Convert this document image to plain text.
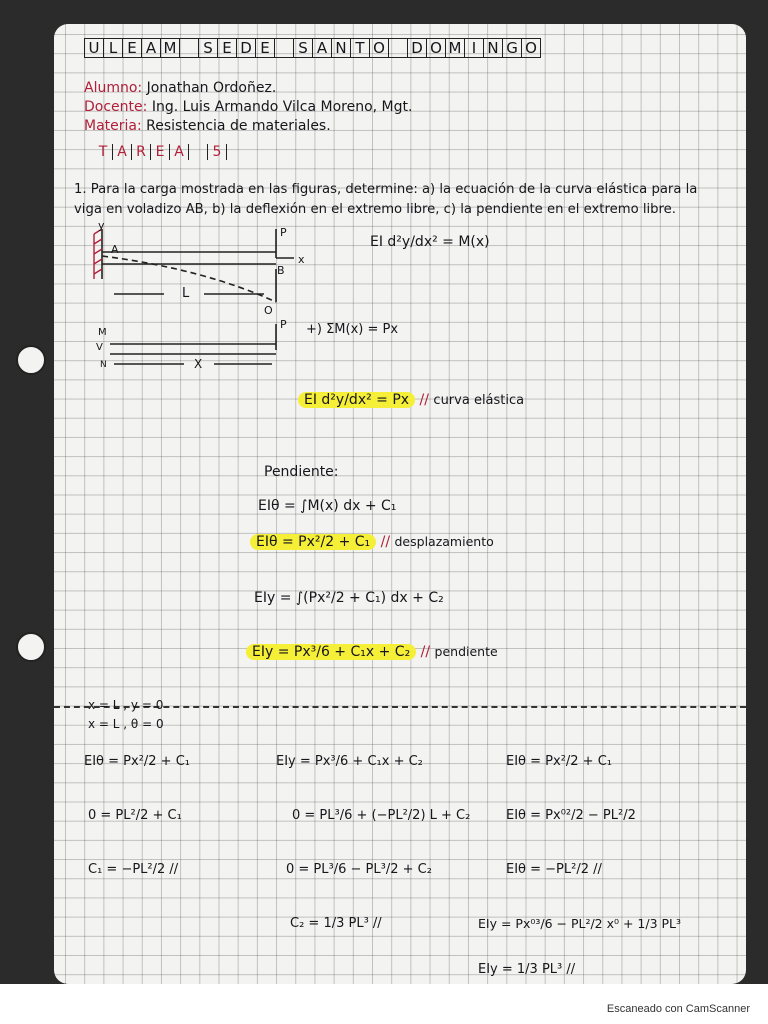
U L E A M S E D E S A N T O D O M I N G O
Alumno: Jonathan Ordoñez.
Docente: Ing. Luis Armando Vilca Moreno, Mgt.
Materia: Resistencia de materiales.
T A R E A 5
1. Para la carga mostrada en las figuras, determine: a) la ecuación de la curva elástica para la
viga en voladizo AB, b) la deflexión en el extremo libre, c) la pendiente en el extremo libre.
y
A
B
P
x
L
O
M
V
N
P
X
EI d²y/dx² = M(x)
+) ΣM(x) = Px
EI d²y/dx² = Px // curva elástica
Pendiente:
EIθ = ∫M(x) dx + C₁
EIθ = Px²/2 + C₁ // desplazamiento
EIy = ∫(Px²/2 + C₁) dx + C₂
EIy = Px³/6 + C₁x + C₂ // pendiente
x = L , y = 0
x = L , θ = 0
EIθ = Px²/2 + C₁
0 = PL²/2 + C₁
C₁ = −PL²/2 //
EIy = Px³/6 + C₁x + C₂
0 = PL³/6 + (−PL²/2) L + C₂
0 = PL³/6 − PL³/2 + C₂
C₂ = 1/3 PL³ //
EIθ = Px²/2 + C₁
EIθ = Px⁰²/2 − PL²/2
EIθ = −PL²/2 //
EIy = Px⁰³/6 − PL²/2 x⁰ + 1/3 PL³
EIy = 1/3 PL³ //
Escaneado con CamScanner
